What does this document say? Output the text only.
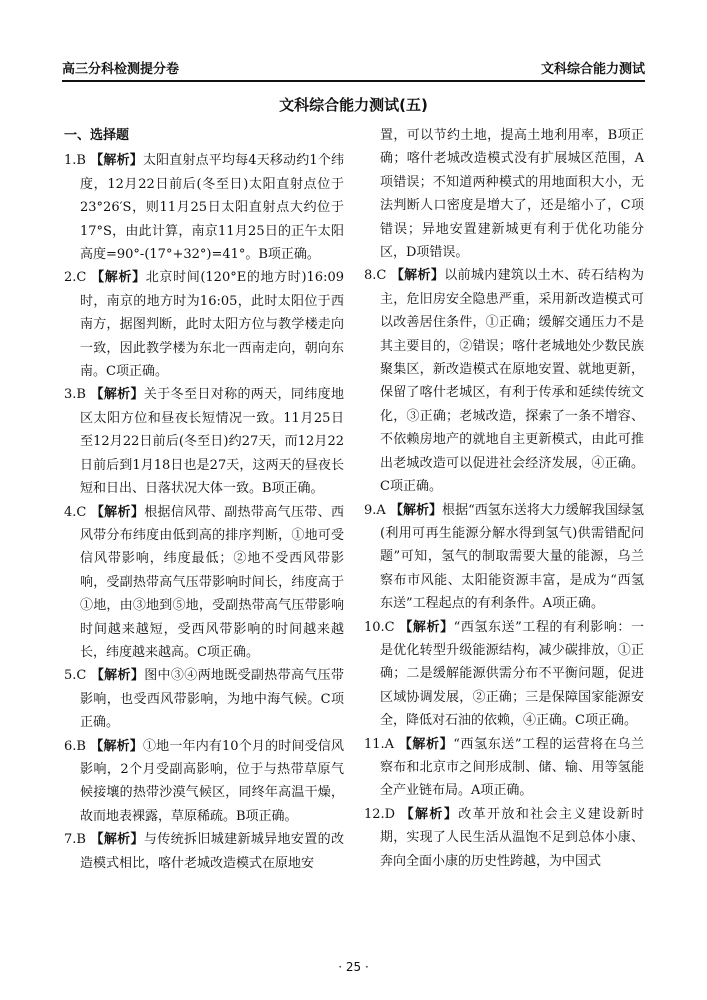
高三分科检测提分卷	文科综合能力测试
文科综合能力测试(五)

一、选择题

1.B 【解析】太阳直射点平均每4天移动约1个纬度，12月22日前后(冬至日)太阳直射点位于23°26′S，则11月25日太阳直射点大约位于17°S，由此计算，南京11月25日的正午太阳高度=90°-(17°+32°)=41°。B项正确。

2.C 【解析】北京时间(120°E的地方时)16:09时，南京的地方时为16:05，此时太阳位于西南方，据图判断，此时太阳方位与教学楼走向一致，因此教学楼为东北一西南走向，朝向东南。C项正确。

3.B 【解析】关于冬至日对称的两天，同纬度地区太阳方位和昼夜长短情况一致。11月25日至12月22日前后(冬至日)约27天，而12月22日前后到1月18日也是27天，这两天的昼夜长短和日出、日落状况大体一致。B项正确。

4.C 【解析】根据信风带、副热带高气压带、西风带分布纬度由低到高的排序判断，①地可受信风带影响，纬度最低；②地不受西风带影响，受副热带高气压带影响时间长，纬度高于①地，由③地到⑤地，受副热带高气压带影响时间越来越短，受西风带影响的时间越来越长，纬度越来越高。C项正确。

5.C 【解析】图中③④两地既受副热带高气压带影响，也受西风带影响，为地中海气候。C项正确。

6.B 【解析】①地一年内有10个月的时间受信风影响，2个月受副高影响，位于与热带草原气候接壤的热带沙漠气候区，同终年高温干燥，故而地表裸露，草原稀疏。B项正确。

7.B 【解析】与传统拆旧城建新城异地安置的改造模式相比，喀什老城改造模式在原地安

置，可以节约土地，提高土地利用率，B项正确；喀什老城改造模式没有扩展城区范围，A项错误；不知道两种模式的用地面积大小，无法判断人口密度是增大了，还是缩小了，C项错误；异地安置建新城更有利于优化功能分区，D项错误。

8.C 【解析】以前城内建筑以土木、砖石结构为主，危旧房安全隐患严重，采用新改造模式可以改善居住条件，①正确；缓解交通压力不是其主要目的，②错误；喀什老城地处少数民族聚集区，新改造模式在原地安置、就地更新，保留了喀什老城区，有利于传承和延续传统文化，③正确；老城改造，探索了一条不增容、不依赖房地产的就地自主更新模式，由此可推出老城改造可以促进社会经济发展，④正确。C项正确。

9.A 【解析】根据“西氢东送将大力缓解我国绿氢(利用可再生能源分解水得到氢气)供需错配问题”可知，氢气的制取需要大量的能源，乌兰察布市风能、太阳能资源丰富，是成为“西氢东送”工程起点的有利条件。A项正确。

10.C 【解析】“西氢东送”工程的有利影响：一是优化转型升级能源结构，减少碳排放，①正确；二是缓解能源供需分布不平衡问题，促进区域协调发展，②正确；三是保障国家能源安全，降低对石油的依赖，④正确。C项正确。

11.A 【解析】“西氢东送”工程的运营将在乌兰察布和北京市之间形成制、储、输、用等氢能全产业链布局。A项正确。

12.D 【解析】改革开放和社会主义建设新时期，实现了人民生活从温饱不足到总体小康、奔向全面小康的历史性跨越，为中国式

· 25 ·
